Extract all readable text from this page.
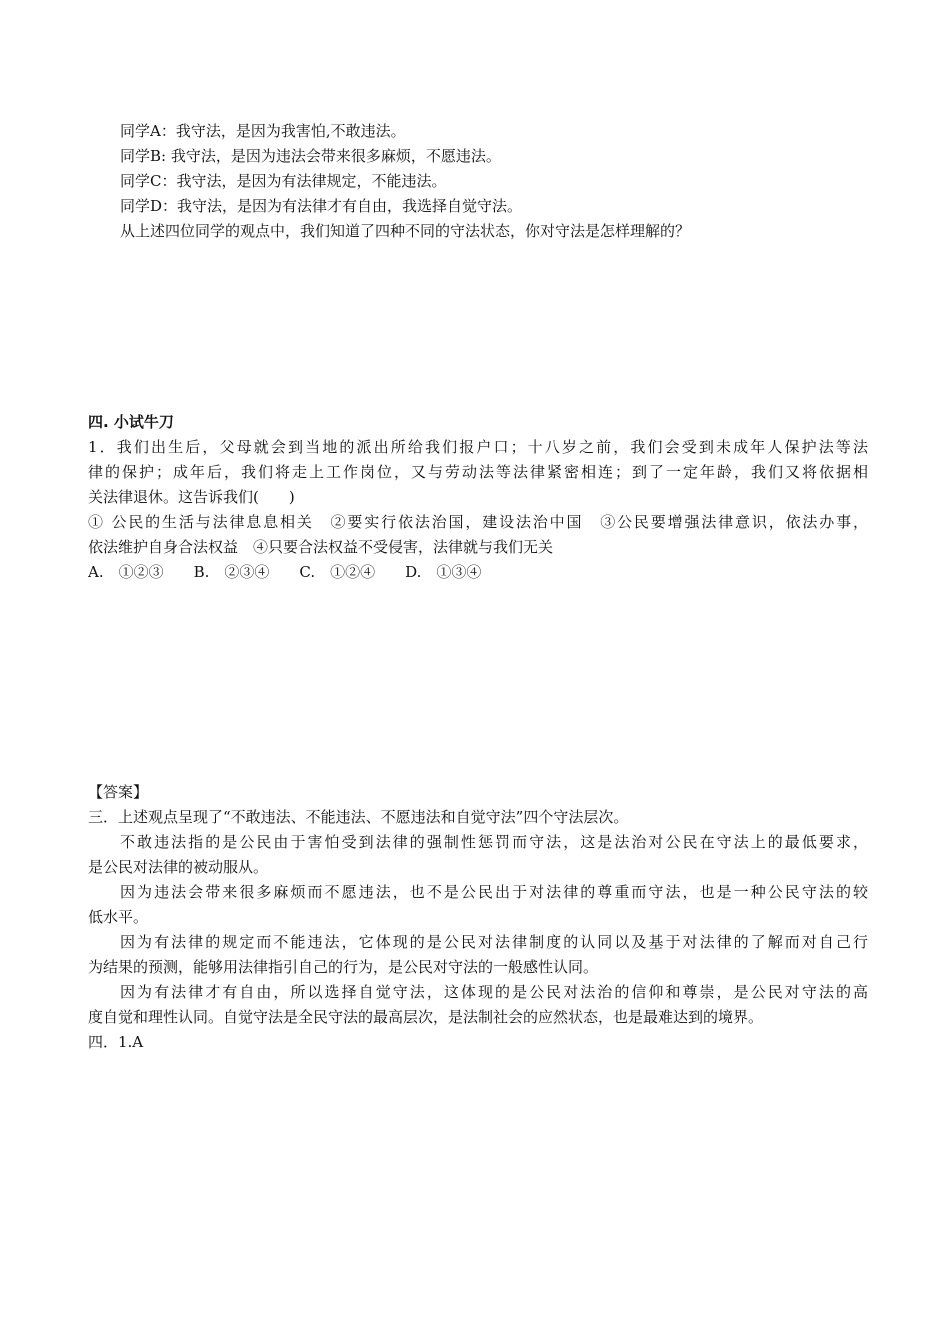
同学A：我守法，是因为我害怕,不敢违法。
同学B: 我守法，是因为违法会带来很多麻烦，不愿违法。
同学C：我守法，是因为有法律规定，不能违法。
同学D：我守法，是因为有法律才有自由，我选择自觉守法。
从上述四位同学的观点中，我们知道了四种不同的守法状态，你对守法是怎样理解的？
四. 小试牛刀
1．我们出生后，父母就会到当地的派出所给我们报户口；十八岁之前，我们会受到未成年人保护法等法
律的保护；成年后，我们将走上工作岗位，又与劳动法等法律紧密相连；到了一定年龄，我们又将依据相
关法律退休。这告诉我们(　　)
① 公民的生活与法律息息相关　②要实行依法治国，建设法治中国　③公民要增强法律意识，依法办事，
依法维护自身合法权益　④只要合法权益不受侵害，法律就与我们无关
A.　①②③　　B.　②③④　　C.　①②④　　D.　①③④
【答案】
三．上述观点呈现了“不敢违法、不能违法、不愿违法和自觉守法”四个守法层次。
不敢违法指的是公民由于害怕受到法律的强制性惩罚而守法，这是法治对公民在守法上的最低要求，
是公民对法律的被动服从。
因为违法会带来很多麻烦而不愿违法，也不是公民出于对法律的尊重而守法，也是一种公民守法的较
低水平。
因为有法律的规定而不能违法，它体现的是公民对法律制度的认同以及基于对法律的了解而对自己行
为结果的预测，能够用法律指引自己的行为，是公民对守法的一般感性认同。
因为有法律才有自由，所以选择自觉守法，这体现的是公民对法治的信仰和尊崇，是公民对守法的高
度自觉和理性认同。自觉守法是全民守法的最高层次，是法制社会的应然状态，也是最难达到的境界。
四．1.A
